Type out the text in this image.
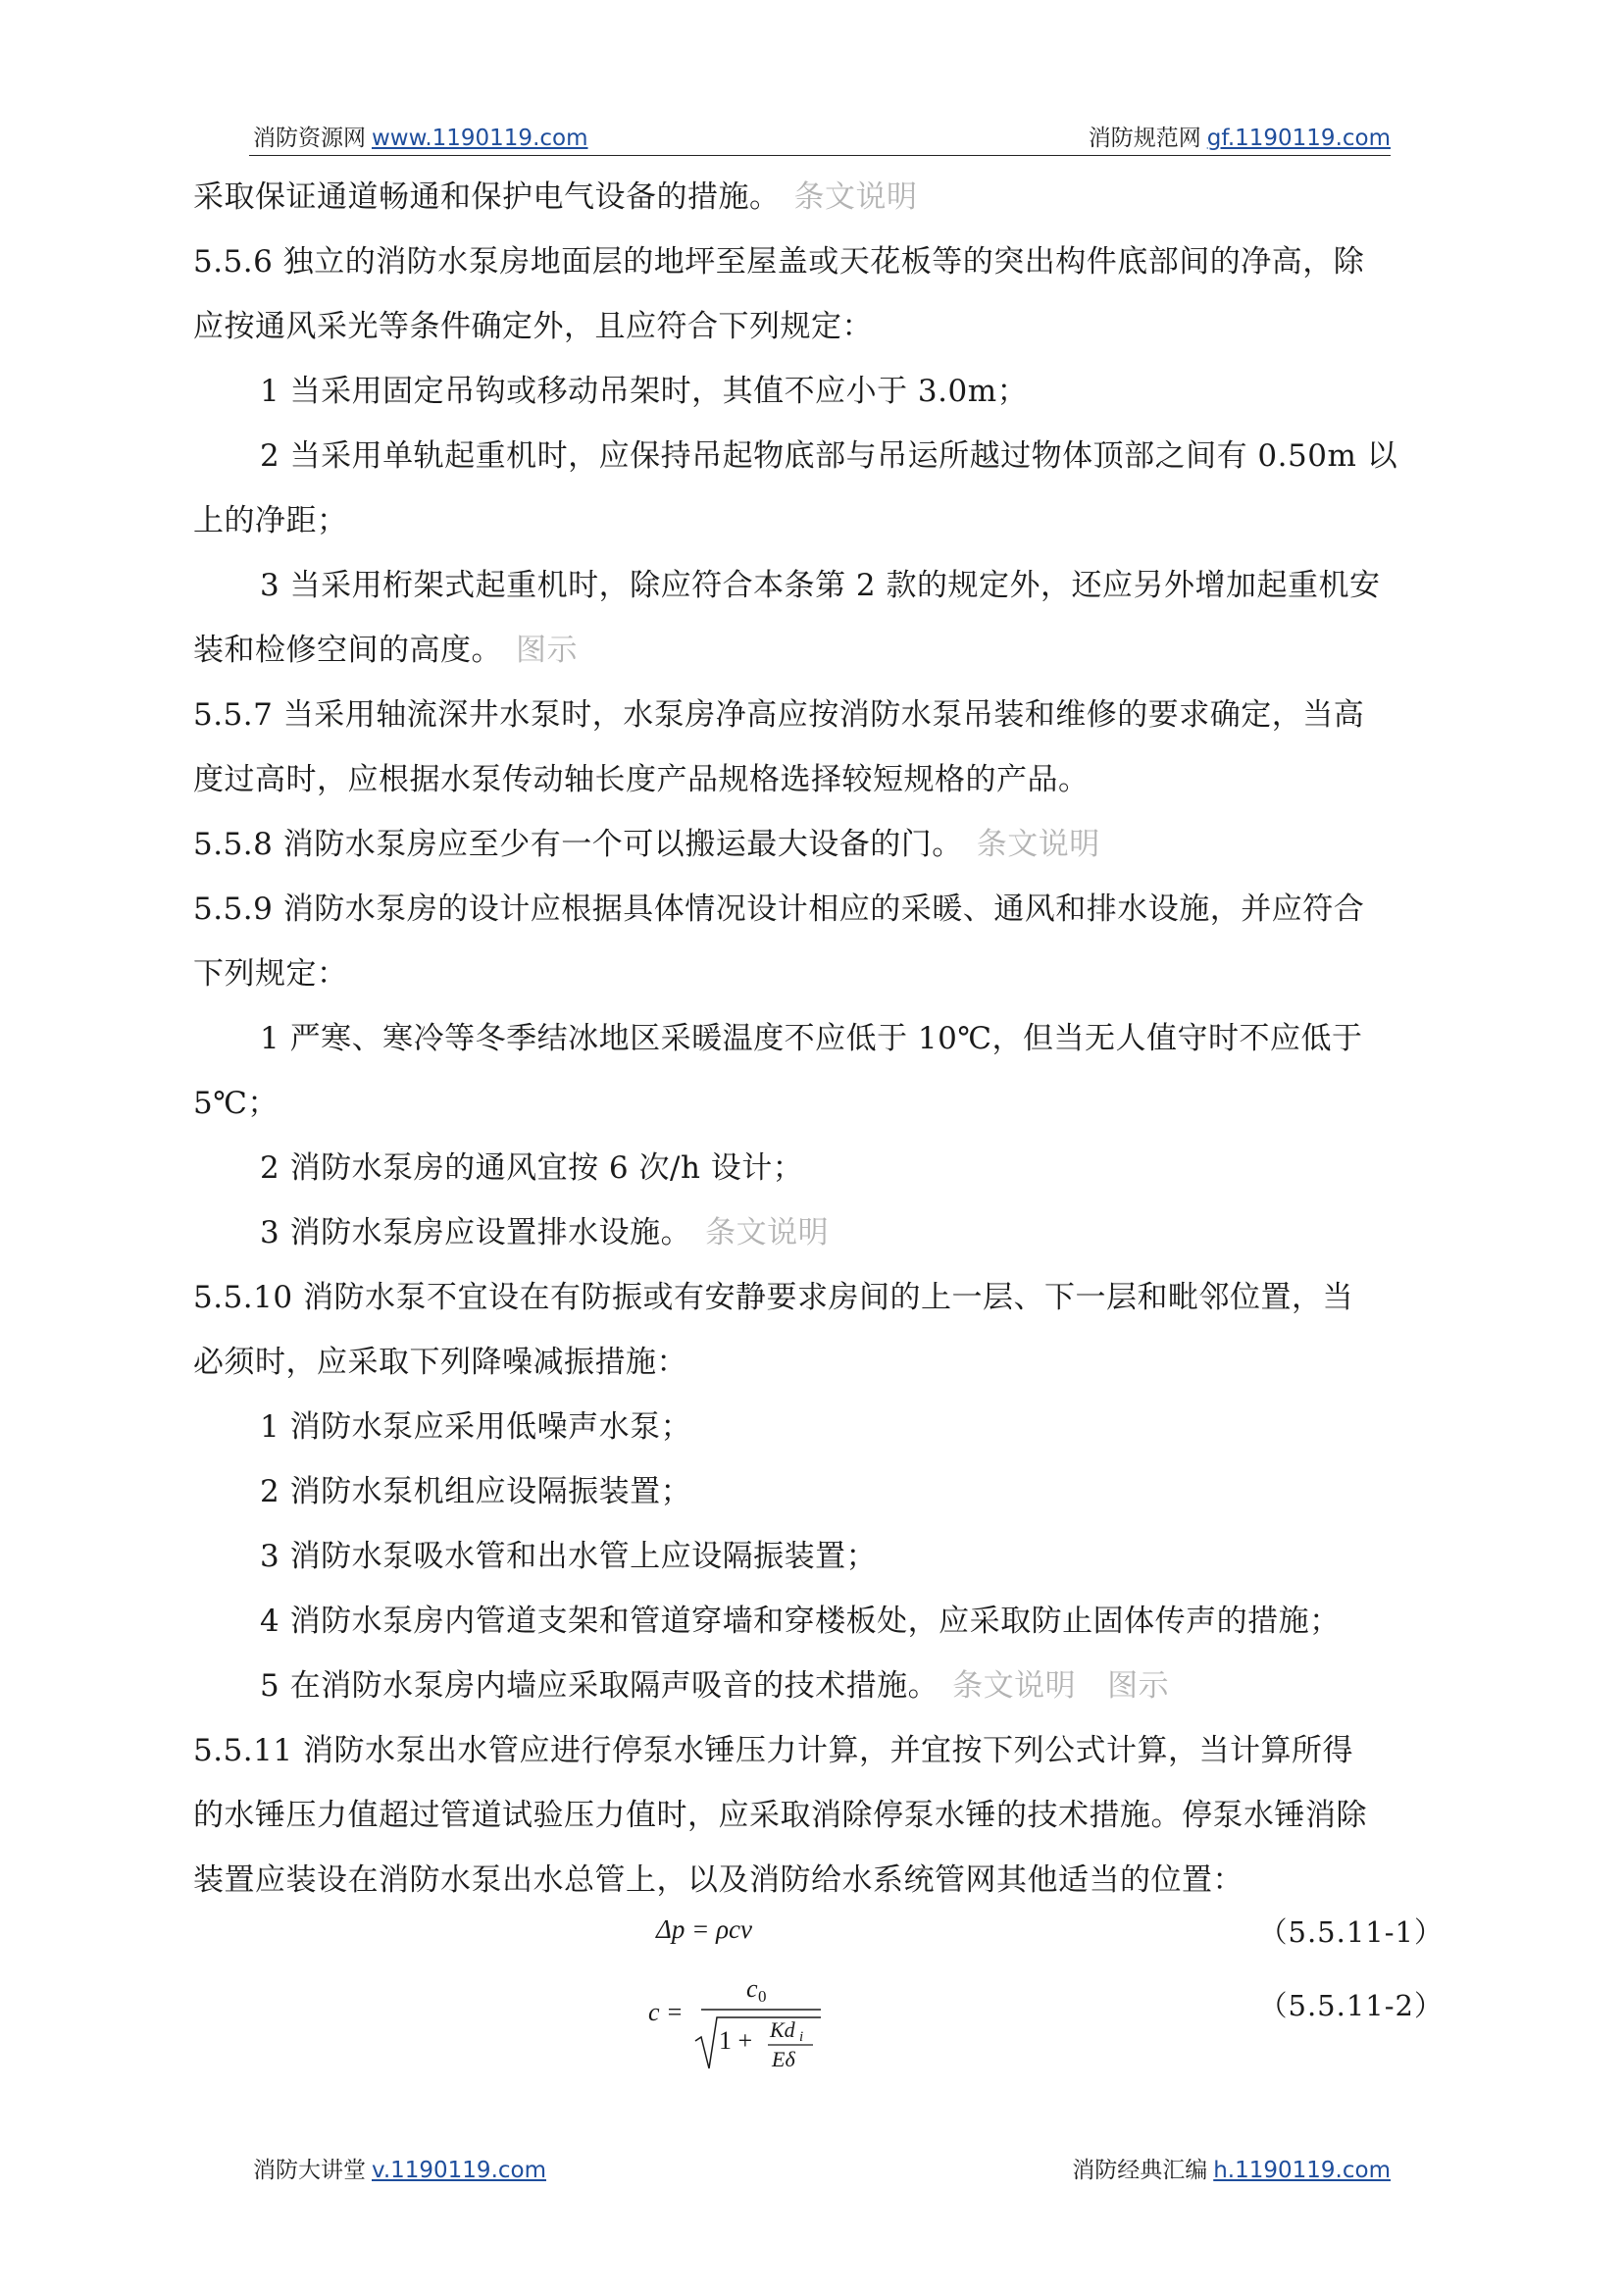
消防资源网 www.1190119.com	消防规范网 gf.1190119.com
采取保证通道畅通和保护电气设备的措施。 条文说明
5.5.6 独立的消防水泵房地面层的地坪至屋盖或天花板等的突出构件底部间的净高，除
应按通风采光等条件确定外，且应符合下列规定：
1 当采用固定吊钩或移动吊架时，其值不应小于 3.0m；
2 当采用单轨起重机时，应保持吊起物底部与吊运所越过物体顶部之间有 0.50m 以
上的净距；
3 当采用桁架式起重机时，除应符合本条第 2 款的规定外，还应另外增加起重机安
装和检修空间的高度。 图示
5.5.7 当采用轴流深井水泵时，水泵房净高应按消防水泵吊装和维修的要求确定，当高
度过高时，应根据水泵传动轴长度产品规格选择较短规格的产品。
5.5.8 消防水泵房应至少有一个可以搬运最大设备的门。 条文说明
5.5.9 消防水泵房的设计应根据具体情况设计相应的采暖、通风和排水设施，并应符合
下列规定：
1 严寒、寒冷等冬季结冰地区采暖温度不应低于 10℃，但当无人值守时不应低于
5℃；
2 消防水泵房的通风宜按 6 次/h 设计；
3 消防水泵房应设置排水设施。 条文说明
5.5.10 消防水泵不宜设在有防振或有安静要求房间的上一层、下一层和毗邻位置，当
必须时，应采取下列降噪减振措施：
1 消防水泵应采用低噪声水泵；
2 消防水泵机组应设隔振装置；
3 消防水泵吸水管和出水管上应设隔振装置；
4 消防水泵房内管道支架和管道穿墙和穿楼板处，应采取防止固体传声的措施；
5 在消防水泵房内墙应采取隔声吸音的技术措施。 条文说明 图示
5.5.11 消防水泵出水管应进行停泵水锤压力计算，并宜按下列公式计算，当计算所得
的水锤压力值超过管道试验压力值时，应采取消除停泵水锤的技术措施。停泵水锤消除
装置应装设在消防水泵出水总管上，以及消防给水系统管网其他适当的位置：
Δp = ρcv	（5.5.11-1）
（5.5.11-2）
c =
c 0
1 + Kd i
Eδ
消防大讲堂 v.1190119.com	消防经典汇编 h.1190119.com
